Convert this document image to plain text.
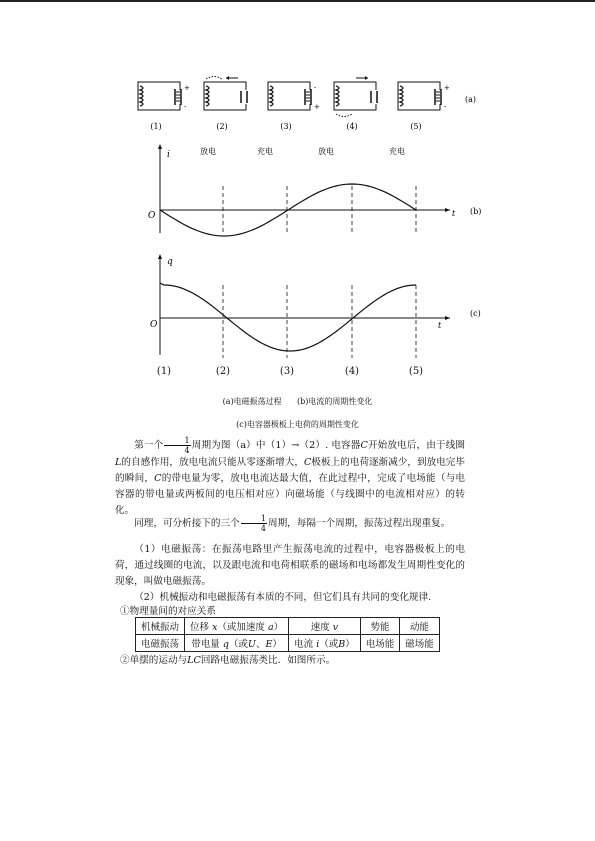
+
-
-
+
+
-
(a)
(1)	(2)	(3)	(4)	(5)
i
t
O	(b)
放电	充电	放电	充电
q
t
O
(c)
(1)	(2)	(3)	(4)	(5)
(a)电磁振荡过程 (b)电流的周期性变化
(c)电容器极板上电荷的周期性变化
第一个 $\frac{1}{4}$ 周期为图（a）中（1）→（2）. 电容器C开始放电后，由于线圈L的自感作用，放电电流只能从零逐渐增大，C极板上的电荷逐渐减少，到放电完毕的瞬间，C的带电量为零，放电电流达最大值，在此过程中，完成了电场能（与电容器的带电量或两板间的电压相对应）向磁场能（与线圈中的电流相对应）的转化。
同理，可分析接下的三个 $\frac{1}{4}$ 周期，每隔一个周期，振荡过程出现重复。
（1）电磁振荡：在振荡电路里产生振荡电流的过程中，电容器极板上的电荷，通过线圈的电流，以及跟电流和电荷相联系的磁场和电场都发生周期性变化的现象，叫做电磁振荡。
（2）机械振动和电磁振荡有本质的不同，但它们具有共同的变化规律.
①物理量间的对应关系
机械振动	位移 x（或加速度 a）	速度 v	势能	动能
电磁振荡	带电量 q（或U、E）	电流 i（或B）	电场能	磁场能
②单摆的运动与LC回路电磁振荡类比．如图所示。
